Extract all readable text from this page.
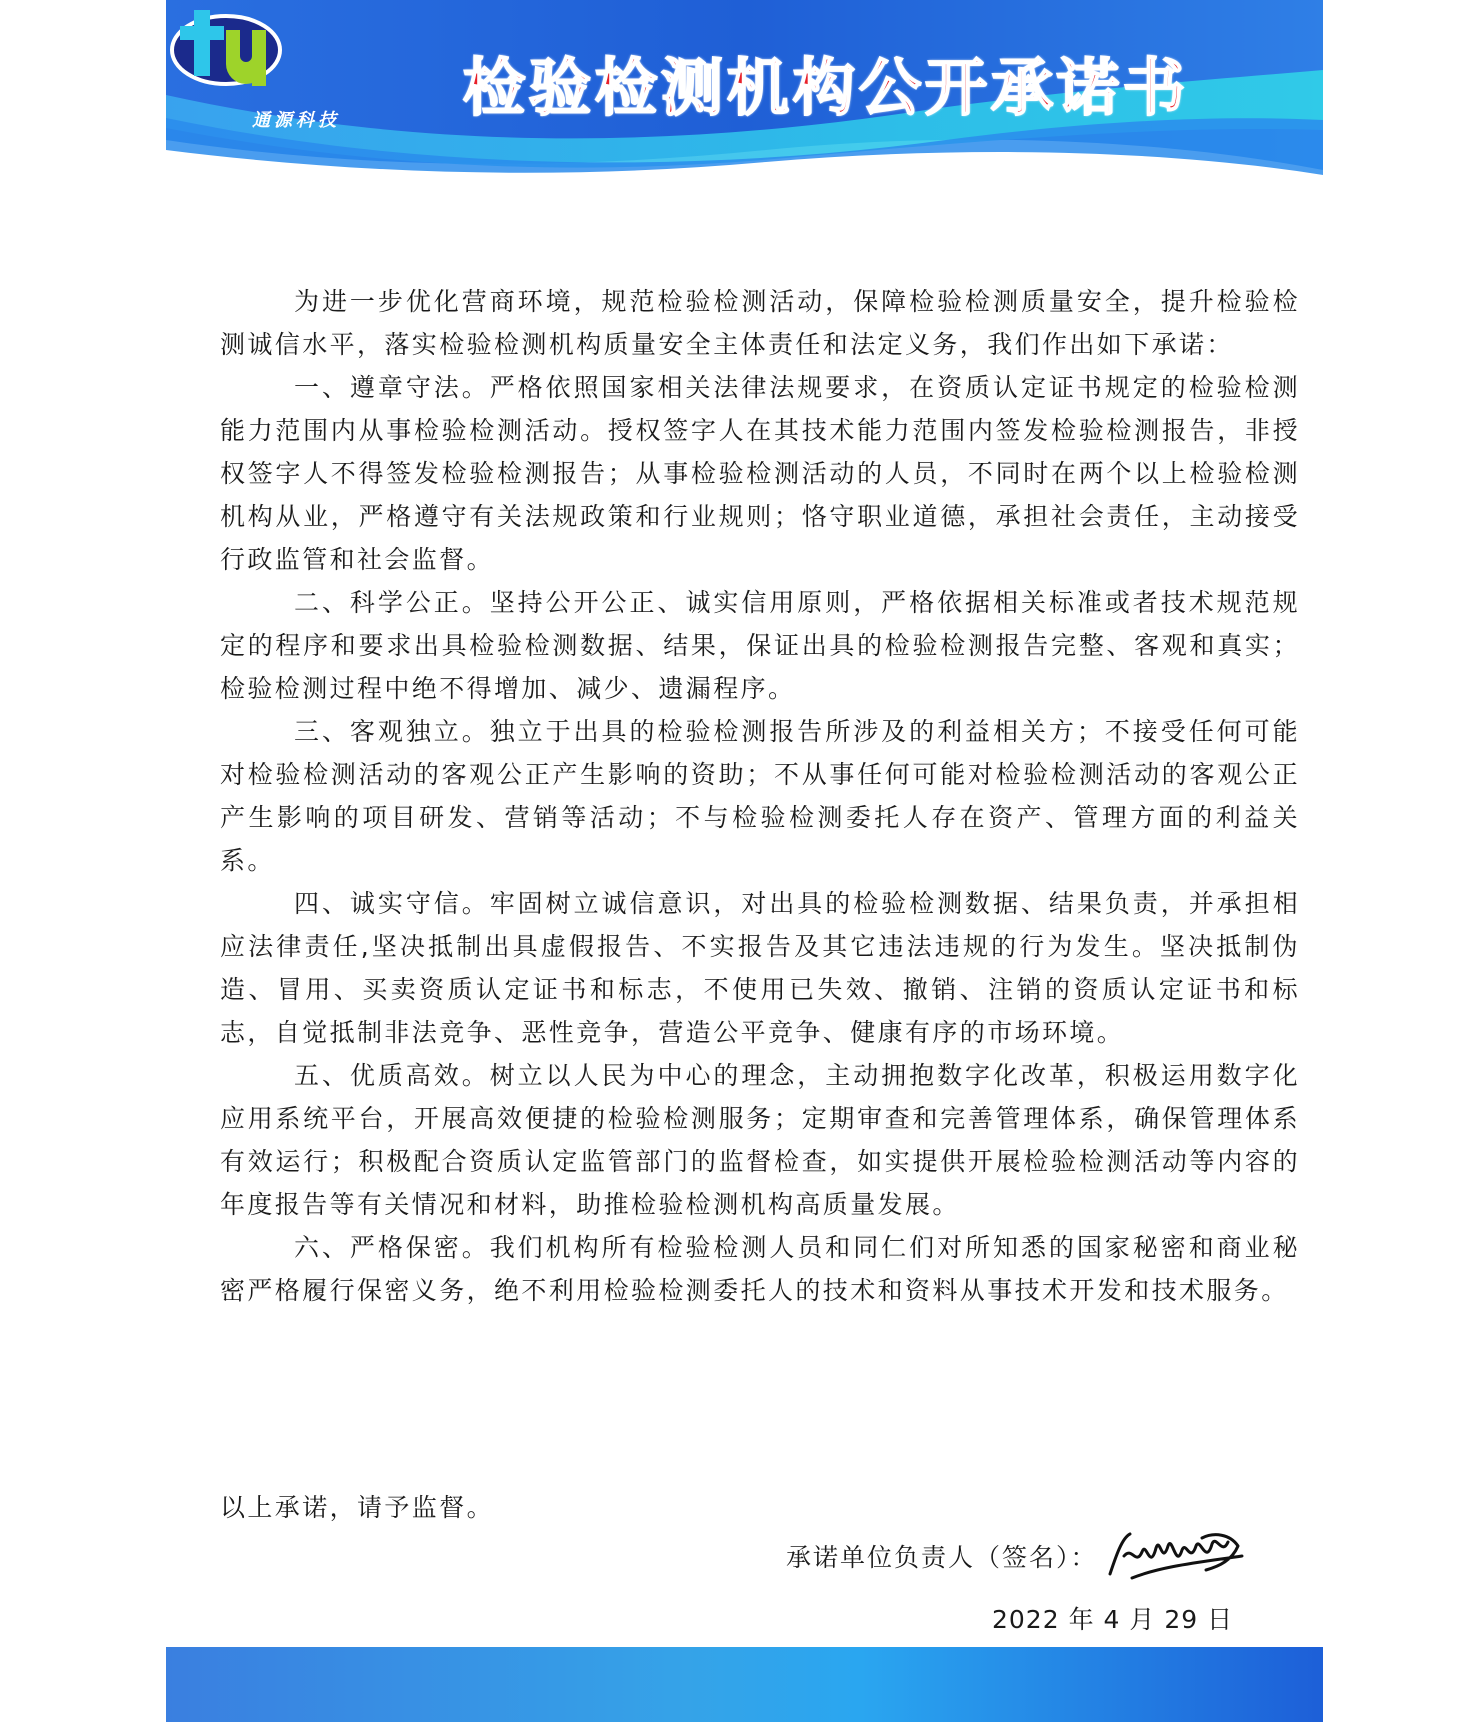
通源科技	检验检测机构公开承诺书

为进一步优化营商环境，规范检验检测活动，保障检验检测质量安全，提升检验检测诚信水平，落实检验检测机构质量安全主体责任和法定义务，我们作出如下承诺：

一、遵章守法。严格依照国家相关法律法规要求，在资质认定证书规定的检验检测能力范围内从事检验检测活动。授权签字人在其技术能力范围内签发检验检测报告，非授权签字人不得签发检验检测报告；从事检验检测活动的人员，不同时在两个以上检验检测机构从业，严格遵守有关法规政策和行业规则；恪守职业道德，承担社会责任，主动接受行政监管和社会监督。

二、科学公正。坚持公开公正、诚实信用原则，严格依据相关标准或者技术规范规定的程序和要求出具检验检测数据、结果，保证出具的检验检测报告完整、客观和真实；检验检测过程中绝不得增加、减少、遗漏程序。

三、客观独立。独立于出具的检验检测报告所涉及的利益相关方；不接受任何可能对检验检测活动的客观公正产生影响的资助；不从事任何可能对检验检测活动的客观公正产生影响的项目研发、营销等活动；不与检验检测委托人存在资产、管理方面的利益关系。

四、诚实守信。牢固树立诚信意识，对出具的检验检测数据、结果负责，并承担相应法律责任,坚决抵制出具虚假报告、不实报告及其它违法违规的行为发生。坚决抵制伪造、冒用、买卖资质认定证书和标志，不使用已失效、撤销、注销的资质认定证书和标志，自觉抵制非法竞争、恶性竞争，营造公平竞争、健康有序的市场环境。

五、优质高效。树立以人民为中心的理念，主动拥抱数字化改革，积极运用数字化应用系统平台，开展高效便捷的检验检测服务；定期审查和完善管理体系，确保管理体系有效运行；积极配合资质认定监管部门的监督检查，如实提供开展检验检测活动等内容的年度报告等有关情况和材料，助推检验检测机构高质量发展。

六、严格保密。我们机构所有检验检测人员和同仁们对所知悉的国家秘密和商业秘密严格履行保密义务，绝不利用检验检测委托人的技术和资料从事技术开发和技术服务。

以上承诺，请予监督。
承诺单位负责人（签名）：
2022 年 4 月 29 日
